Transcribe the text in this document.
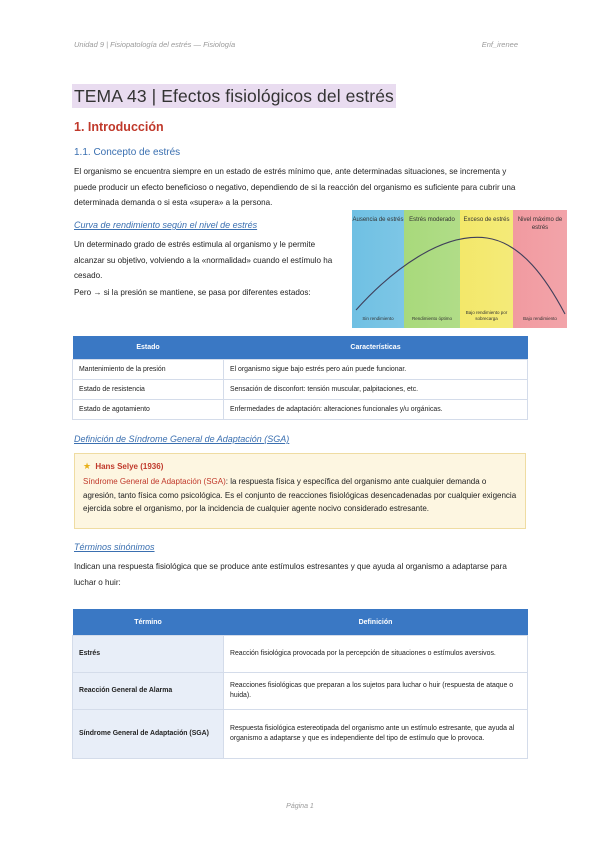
Unidad 9 | Fisiopatología del estrés — Fisiología	Enf_irenee
TEMA 43 | Efectos fisiológicos del estrés
1. Introducción
1.1. Concepto de estrés
El organismo se encuentra siempre en un estado de estrés mínimo que, ante determinadas situaciones, se incrementa y puede producir un efecto beneficioso o negativo, dependiendo de si la reacción del organismo es suficiente para cubrir una determinada demanda o si esta «supera» a la persona.
Curva de rendimiento según el nivel de estrés
Un determinado grado de estrés estimula al organismo y le permite alcanzar su objetivo, volviendo a la «normalidad» cuando el estímulo ha cesado.
Pero → si la presión se mantiene, se pasa por diferentes estados:
Ausencia de estrés
Sin rendimiento
Estrés moderado
Rendimiento óptimo
Exceso de estrés
Bajo rendimiento por sobrecarga
Nivel máximo de estrés
Bajo rendimiento
Estado	Características
Mantenimiento de la presión	El organismo sigue bajo estrés pero aún puede funcionar.
Estado de resistencia	Sensación de disconfort: tensión muscular, palpitaciones, etc.
Estado de agotamiento	Enfermedades de adaptación: alteraciones funcionales y/u orgánicas.
Definición de Síndrome General de Adaptación (SGA)
★ Hans Selye (1936)
Síndrome General de Adaptación (SGA): la respuesta física y específica del organismo ante cualquier demanda o agresión, tanto física como psicológica. Es el conjunto de reacciones fisiológicas desencadenadas por cualquier exigencia ejercida sobre el organismo, por la incidencia de cualquier agente nocivo considerado estresante.
Términos sinónimos
Indican una respuesta fisiológica que se produce ante estímulos estresantes y que ayuda al organismo a adaptarse para luchar o huir:
Término	Definición
Estrés	Reacción fisiológica provocada por la percepción de situaciones o estímulos aversivos.
Reacción General de Alarma	Reacciones fisiológicas que preparan a los sujetos para luchar o huir (respuesta de ataque o huida).
Síndrome General de Adaptación (SGA)	Respuesta fisiológica estereotipada del organismo ante un estímulo estresante, que ayuda al organismo a adaptarse y que es independiente del tipo de estímulo que lo provoca.
Página 1
